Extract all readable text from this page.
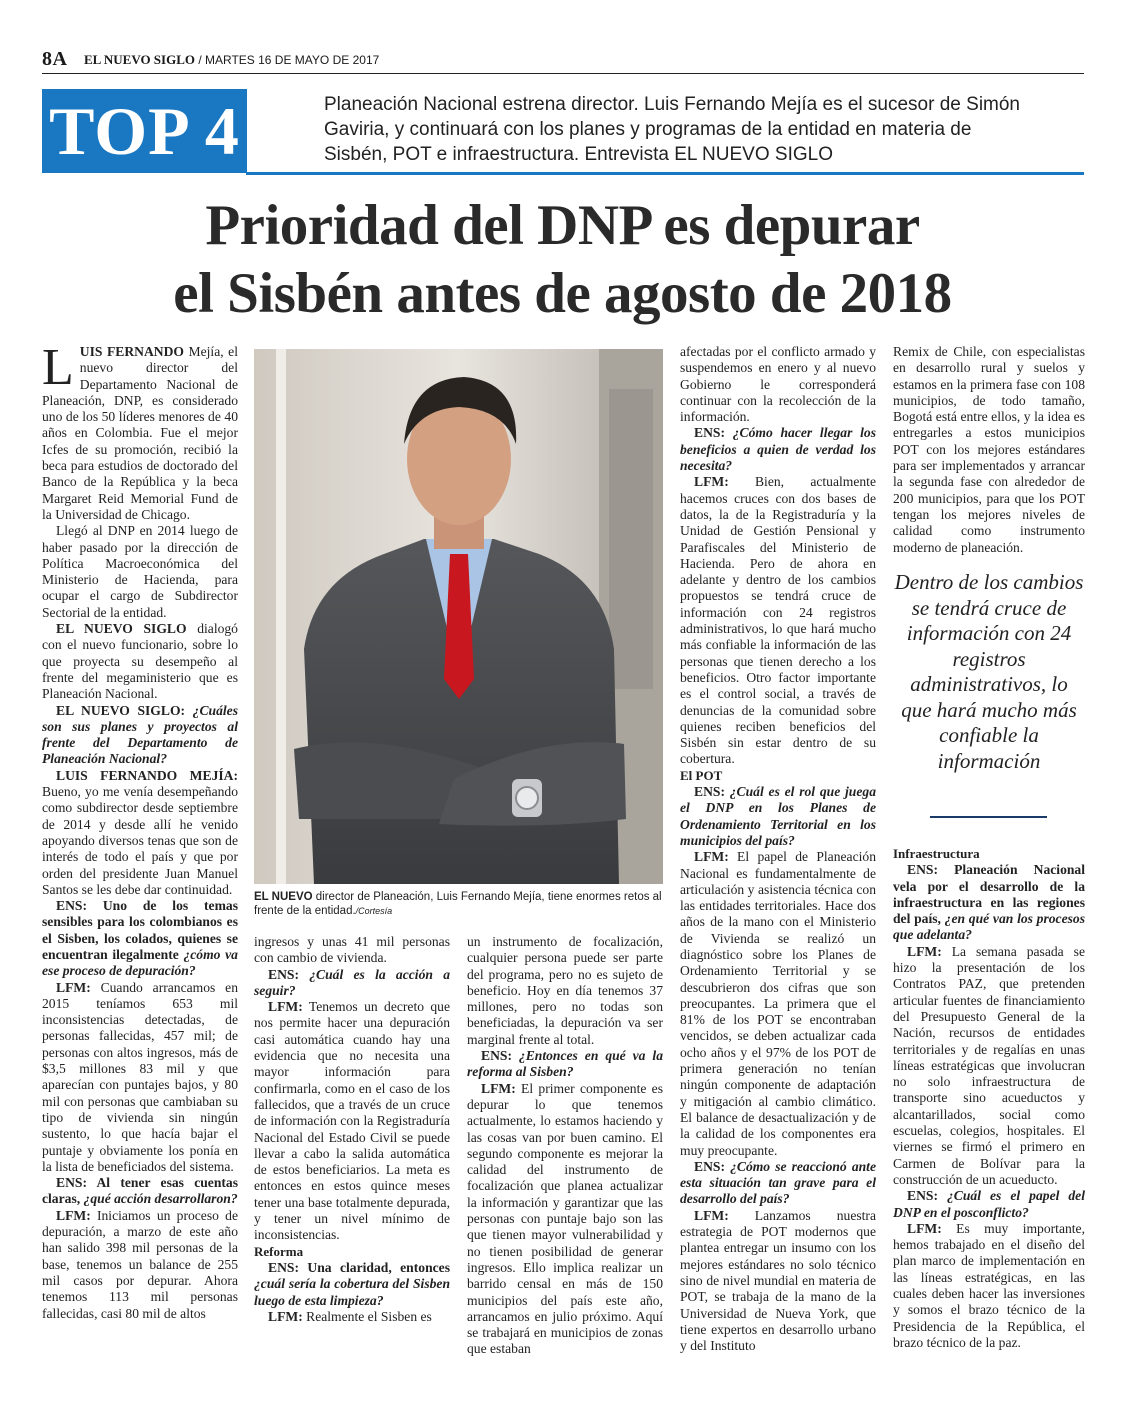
8A EL NUEVO SIGLO / MARTES 16 DE MAYO DE 2017
TOP 4	Planeación Nacional estrena director. Luis Fernando Mejía es el sucesor de Simón Gaviria, y continuará con los planes y programas de la entidad en materia de Sisbén, POT e infraestructura. Entrevista EL NUEVO SIGLO
Prioridad del DNP es depurar
el Sisbén antes de agosto de 2018

LUIS FERNANDO Mejía, el nuevo director del Departamento Nacional de Planeación, DNP, es considerado uno de los 50 líderes menores de 40 años en Colombia. Fue el mejor Icfes de su promoción, recibió la beca para estudios de doctorado del Banco de la República y la beca Margaret Reid Memorial Fund de la Universidad de Chicago.

Llegó al DNP en 2014 luego de haber pasado por la dirección de Política Macroeconómica del Ministerio de Hacienda, para ocupar el cargo de Subdirector Sectorial de la entidad.

EL NUEVO SIGLO dialogó con el nuevo funcionario, sobre lo que proyecta su desempeño al frente del megaministerio que es Planeación Nacional.

EL NUEVO SIGLO: ¿Cuáles son sus planes y proyectos al frente del Departamento de Planeación Nacional?

LUIS FERNANDO MEJÍA: Bueno, yo me venía desempeñando como subdirector desde septiembre de 2014 y desde allí he venido apoyando diversos tenas que son de interés de todo el país y que por orden del presidente Juan Manuel Santos se les debe dar continuidad.

ENS: Uno de los temas sensibles para los colombianos es el Sisben, los colados, quienes se encuentran ilegalmente ¿cómo va ese proceso de depuración?

LFM: Cuando arrancamos en 2015 teníamos 653 mil inconsistencias detectadas, de personas fallecidas, 457 mil; de personas con altos ingresos, más de $3,5 millones 83 mil y que aparecían con puntajes bajos, y 80 mil con personas que cambiaban su tipo de vivienda sin ningún sustento, lo que hacía bajar el puntaje y obviamente los ponía en la lista de beneficiados del sistema.

ENS: Al tener esas cuentas claras, ¿qué acción desarrollaron?

LFM: Iniciamos un proceso de depuración, a marzo de este año han salido 398 mil personas de la base, tenemos un balance de 255 mil casos por depurar. Ahora tenemos 113 mil personas fallecidas, casi 80 mil de altos

EL NUEVO director de Planeación, Luis Fernando Mejía, tiene enormes retos al frente de la entidad./Cortesía

ingresos y unas 41 mil personas con cambio de vivienda.

ENS: ¿Cuál es la acción a seguir?

LFM: Tenemos un decreto que nos permite hacer una depuración casi automática cuando hay una evidencia que no necesita una mayor información para confirmarla, como en el caso de los fallecidos, que a través de un cruce de información con la Registraduría Nacional del Estado Civil se puede llevar a cabo la salida automática de estos beneficiarios. La meta es entonces en estos quince meses tener una base totalmente depurada, y tener un nivel mínimo de inconsistencias.

Reforma

ENS: Una claridad, entonces ¿cuál sería la cobertura del Sisben luego de esta limpieza?

LFM: Realmente el Sisben es

un instrumento de focalización, cualquier persona puede ser parte del programa, pero no es sujeto de beneficio. Hoy en día tenemos 37 millones, pero no todas son beneficiadas, la depuración va ser marginal frente al total.

ENS: ¿Entonces en qué va la reforma al Sisben?

LFM: El primer componente es depurar lo que tenemos actualmente, lo estamos haciendo y las cosas van por buen camino. El segundo componente es mejorar la calidad del instrumento de focalización que planea actualizar la información y garantizar que las personas con puntaje bajo son las que tienen mayor vulnerabilidad y no tienen posibilidad de generar ingresos. Ello implica realizar un barrido censal en más de 150 municipios del país este año, arrancamos en julio próximo. Aquí se trabajará en municipios de zonas que estaban

afectadas por el conflicto armado y suspendemos en enero y al nuevo Gobierno le corresponderá continuar con la recolección de la información.

ENS: ¿Cómo hacer llegar los beneficios a quien de verdad los necesita?

LFM: Bien, actualmente hacemos cruces con dos bases de datos, la de la Registraduría y la Unidad de Gestión Pensional y Parafiscales del Ministerio de Hacienda. Pero de ahora en adelante y dentro de los cambios propuestos se tendrá cruce de información con 24 registros administrativos, lo que hará mucho más confiable la información de las personas que tienen derecho a los beneficios. Otro factor importante es el control social, a través de denuncias de la comunidad sobre quienes reciben beneficios del Sisbén sin estar dentro de su cobertura.

El POT

ENS: ¿Cuál es el rol que juega el DNP en los Planes de Ordenamiento Territorial en los municipios del país?

LFM: El papel de Planeación Nacional es fundamentalmente de articulación y asistencia técnica con las entidades territoriales. Hace dos años de la mano con el Ministerio de Vivienda se realizó un diagnóstico sobre los Planes de Ordenamiento Territorial y se descubrieron dos cifras que son preocupantes. La primera que el 81% de los POT se encontraban vencidos, se deben actualizar cada ocho años y el 97% de los POT de primera generación no tenían ningún componente de adaptación y mitigación al cambio climático. El balance de desactualización y de la calidad de los componentes era muy preocupante.

ENS: ¿Cómo se reaccionó ante esta situación tan grave para el desarrollo del país?

LFM: Lanzamos nuestra estrategia de POT modernos que plantea entregar un insumo con los mejores estándares no solo técnico sino de nivel mundial en materia de POT, se trabaja de la mano de la Universidad de Nueva York, que tiene expertos en desarrollo urbano y del Instituto

Remix de Chile, con especialistas en desarrollo rural y suelos y estamos en la primera fase con 108 municipios, de todo tamaño, Bogotá está entre ellos, y la idea es entregarles a estos municipios POT con los mejores estándares para ser implementados y arrancar la segunda fase con alrededor de 200 municipios, para que los POT tengan los mejores niveles de calidad como instrumento moderno de planeación.

Dentro de los cambios se tendrá cruce de información con 24 registros administrativos, lo que hará mucho más confiable la información

Infraestructura

ENS: Planeación Nacional vela por el desarrollo de la infraestructura en las regiones del país, ¿en qué van los procesos que adelanta?

LFM: La semana pasada se hizo la presentación de los Contratos PAZ, que pretenden articular fuentes de financiamiento del Presupuesto General de la Nación, recursos de entidades territoriales y de regalías en unas líneas estratégicas que involucran no solo infraestructura de transporte sino acueductos y alcantarillados, social como escuelas, colegios, hospitales. El viernes se firmó el primero en Carmen de Bolívar para la construcción de un acueducto.

ENS: ¿Cuál es el papel del DNP en el posconflicto?

LFM: Es muy importante, hemos trabajado en el diseño del plan marco de implementación en las líneas estratégicas, en las cuales deben hacer las inversiones y somos el brazo técnico de la Presidencia de la República, el brazo técnico de la paz.
